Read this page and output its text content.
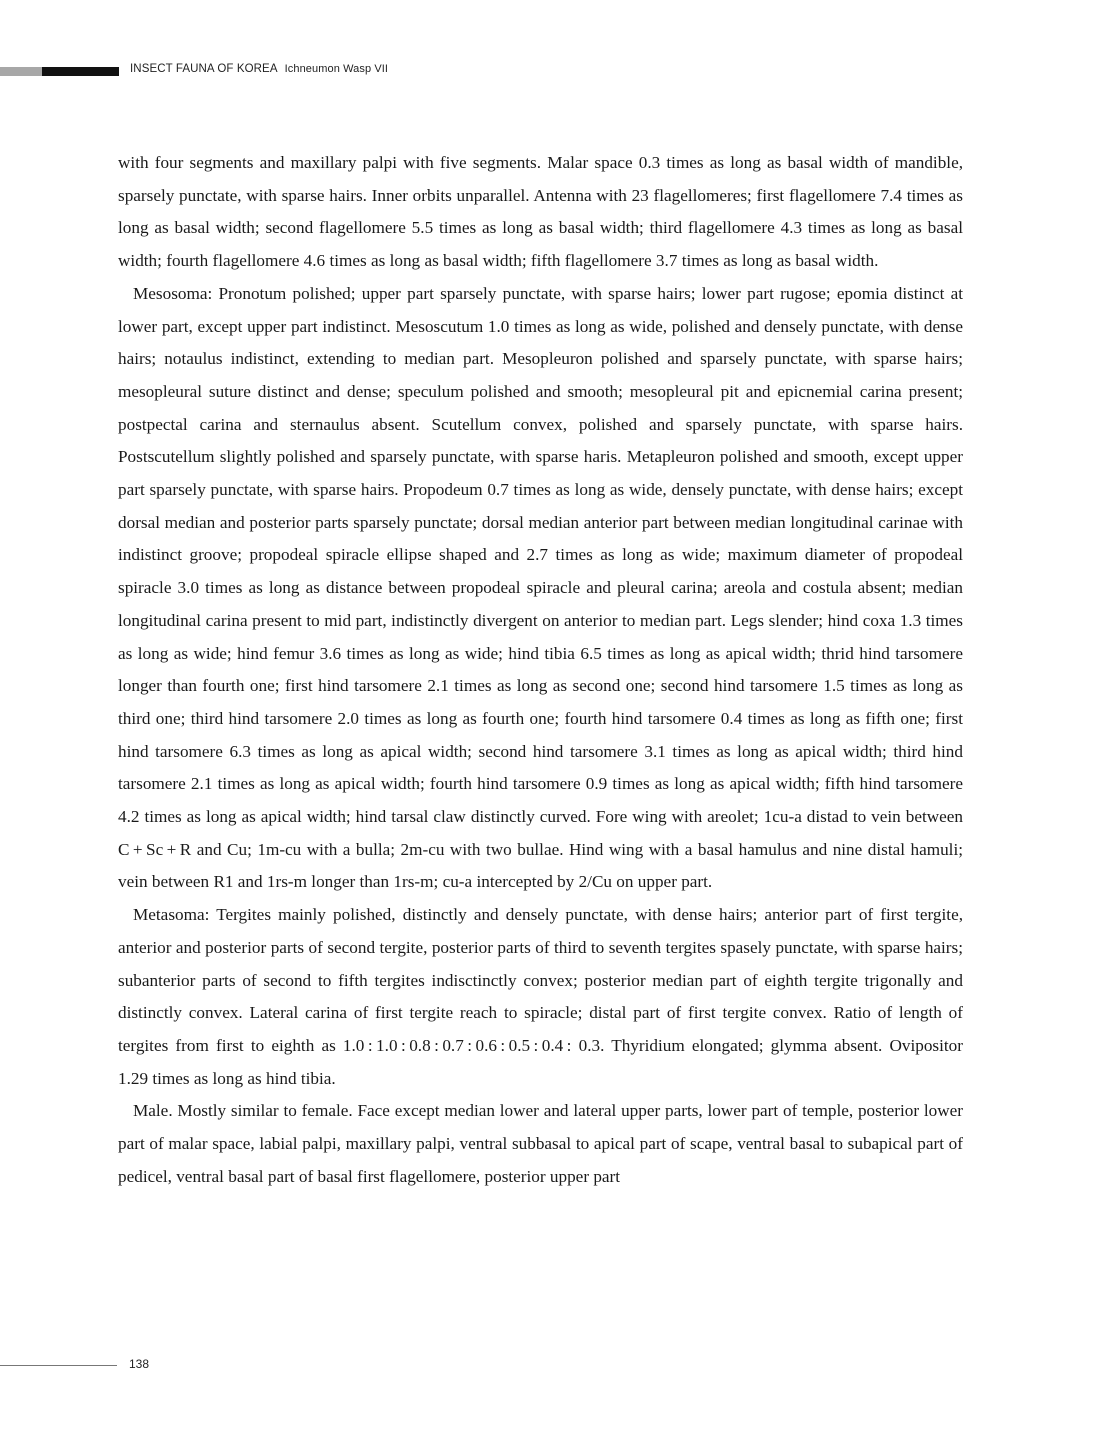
INSECT FAUNA OF KOREA Ichneumon Wasp VII

with four segments and maxillary palpi with five segments. Malar space 0.3 times as long as basal width of mandible, sparsely punctate, with sparse hairs. Inner orbits unparallel. Antenna with 23 flagellomeres; first flagellomere 7.4 times as long as basal width; second flagellomere 5.5 times as long as basal width; third flagellomere 4.3 times as long as basal width; fourth flagellomere 4.6 times as long as basal width; fifth flagellomere 3.7 times as long as basal width.

Mesosoma: Pronotum polished; upper part sparsely punctate, with sparse hairs; lower part rugose; epomia distinct at lower part, except upper part indistinct. Mesoscutum 1.0 times as long as wide, polished and densely punctate, with dense hairs; notaulus indistinct, extending to median part. Mesopleuron polished and sparsely punctate, with sparse hairs; mesopleural suture distinct and dense; speculum polished and smooth; mesopleural pit and epicnemial carina present; postpectal carina and sternaulus absent. Scutellum convex, polished and sparsely punctate, with sparse hairs. Postscutellum slightly polished and sparsely punctate, with sparse haris. Metapleuron polished and smooth, except upper part sparsely punctate, with sparse hairs. Propodeum 0.7 times as long as wide, densely punctate, with dense hairs; except dorsal median and posterior parts sparsely punctate; dorsal median anterior part between median longitudinal carinae with indistinct groove; propodeal spiracle ellipse shaped and 2.7 times as long as wide; maximum diameter of propodeal spiracle 3.0 times as long as distance between propodeal spiracle and pleural carina; areola and costula absent; median longitudinal carina present to mid part, indistinctly divergent on anterior to median part. Legs slender; hind coxa 1.3 times as long as wide; hind femur 3.6 times as long as wide; hind tibia 6.5 times as long as apical width; thrid hind tarsomere longer than fourth one; first hind tarsomere 2.1 times as long as second one; second hind tarsomere 1.5 times as long as third one; third hind tarsomere 2.0 times as long as fourth one; fourth hind tarsomere 0.4 times as long as fifth one; first hind tarsomere 6.3 times as long as apical width; second hind tarsomere 3.1 times as long as apical width; third hind tarsomere 2.1 times as long as apical width; fourth hind tarsomere 0.9 times as long as apical width; fifth hind tarsomere 4.2 times as long as apical width; hind tarsal claw distinctly curved. Fore wing with areolet; 1cu-a distad to vein between C + Sc + R and Cu; 1m-cu with a bulla; 2m-cu with two bullae. Hind wing with a basal hamulus and nine distal hamuli; vein between R1 and 1rs-m longer than 1rs-m; cu-a intercepted by 2/Cu on upper part.

Metasoma: Tergites mainly polished, distinctly and densely punctate, with dense hairs; anterior part of first tergite, anterior and posterior parts of second tergite, posterior parts of third to seventh tergites spasely punctate, with sparse hairs; subanterior parts of second to fifth tergites indisctinctly convex; posterior median part of eighth tergite trigonally and distinctly convex. Lateral carina of first tergite reach to spiracle; distal part of first tergite convex. Ratio of length of tergites from first to eighth as 1.0 : 1.0 : 0.8 : 0.7 : 0.6 : 0.5 : 0.4 : 0.3. Thyridium elongated; glymma absent. Ovipositor 1.29 times as long as hind tibia.

Male. Mostly similar to female. Face except median lower and lateral upper parts, lower part of temple, posterior lower part of malar space, labial palpi, maxillary palpi, ventral subbasal to apical part of scape, ventral basal to subapical part of pedicel, ventral basal part of basal first flagellomere, posterior upper part

138
